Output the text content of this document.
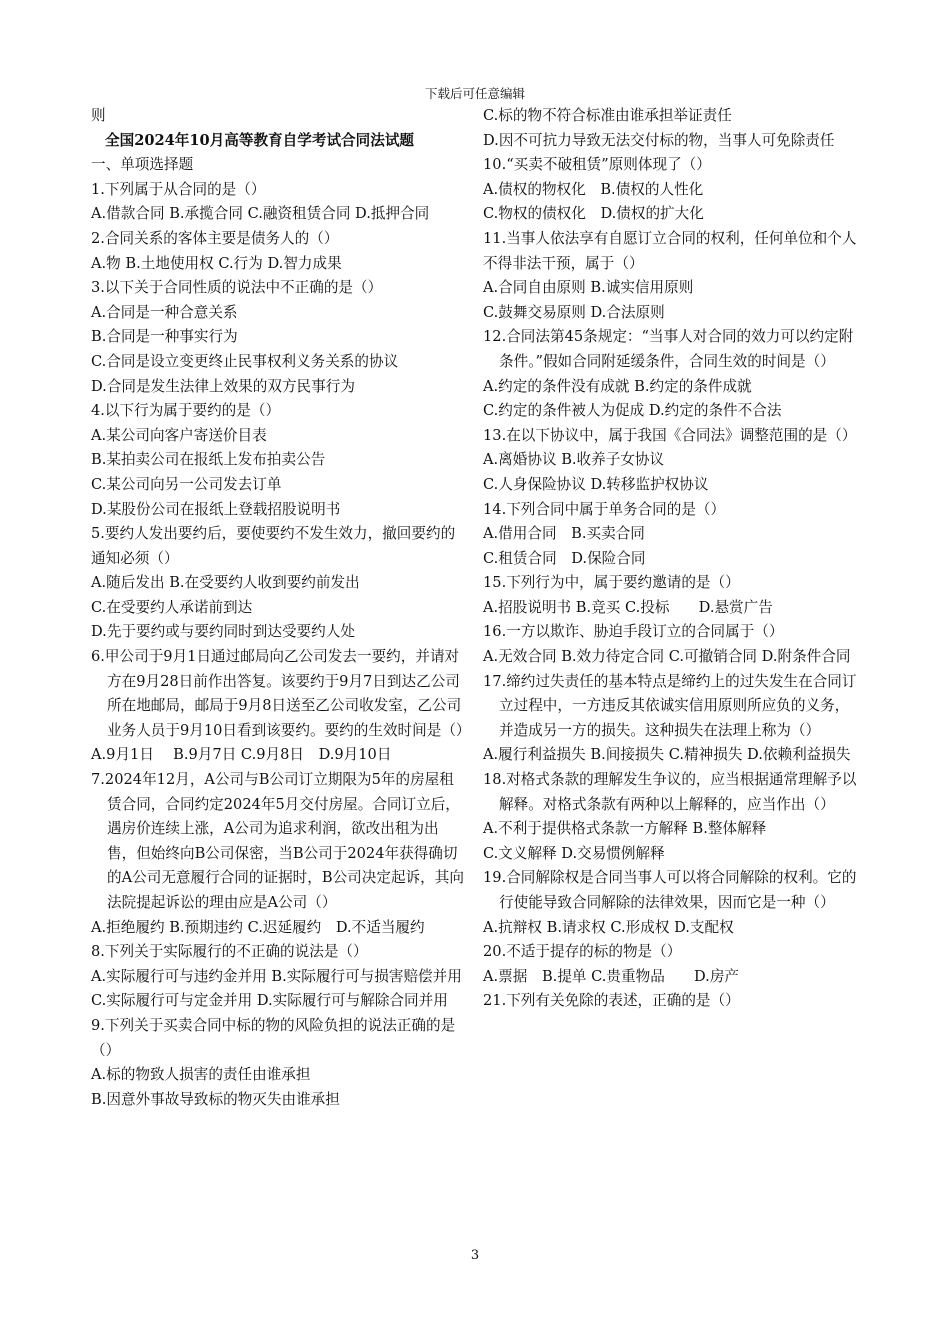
下载后可任意编辑

则

全国2024年10月高等教育自学考试合同法试题

一、单项选择题

1.下列属于从合同的是（）

A.借款合同 B.承揽合同 C.融资租赁合同 D.抵押合同

2.合同关系的客体主要是债务人的（）

A.物 B.土地使用权 C.行为 D.智力成果

3.以下关于合同性质的说法中不正确的是（）

A.合同是一种合意关系

B.合同是一种事实行为

C.合同是设立变更终止民事权利义务关系的协议

D.合同是发生法律上效果的双方民事行为

4.以下行为属于要约的是（）

A.某公司向客户寄送价目表

B.某拍卖公司在报纸上发布拍卖公告

C.某公司向另一公司发去订单

D.某股份公司在报纸上登载招股说明书

5.要约人发出要约后，要使要约不发生效力，撤回要约的通知必须（）

A.随后发出 B.在受要约人收到要约前发出

C.在受要约人承诺前到达

D.先于要约或与要约同时到达受要约人处

6.甲公司于9月1日通过邮局向乙公司发去一要约，并请对方在9月28日前作出答复。该要约于9月7日到达乙公司所在地邮局，邮局于9月8日送至乙公司收发室，乙公司业务人员于9月10日看到该要约。要约的生效时间是（）

A.9月1日　 B.9月7日 C.9月8日　D.9月10日

7.2024年12月，A公司与B公司订立期限为5年的房屋租赁合同，合同约定2024年5月交付房屋。合同订立后，遇房价连续上涨，A公司为追求利润，欲改出租为出售，但始终向B公司保密，当B公司于2024年获得确切的A公司无意履行合同的证据时，B公司决定起诉，其向法院提起诉讼的理由应是A公司（）

A.拒绝履约 B.预期违约 C.迟延履约　D.不适当履约

8.下列关于实际履行的不正确的说法是（）

A.实际履行可与违约金并用 B.实际履行可与损害赔偿并用 C.实际履行可与定金并用 D.实际履行可与解除合同并用

9.下列关于买卖合同中标的物的风险负担的说法正确的是（）

A.标的物致人损害的责任由谁承担

B.因意外事故导致标的物灭失由谁承担

C.标的物不符合标准由谁承担举证责任

D.因不可抗力导致无法交付标的物，当事人可免除责任

10.“买卖不破租赁”原则体现了（）

A.债权的物权化　B.债权的人性化

C.物权的债权化　D.债权的扩大化

11.当事人依法享有自愿订立合同的权利，任何单位和个人不得非法干预，属于（）

A.合同自由原则 B.诚实信用原则

C.鼓舞交易原则 D.合法原则

12.合同法第45条规定：“当事人对合同的效力可以约定附条件。”假如合同附延缓条件，合同生效的时间是（）

A.约定的条件没有成就 B.约定的条件成就

C.约定的条件被人为促成 D.约定的条件不合法

13.在以下协议中，属于我国《合同法》调整范围的是（）

A.离婚协议 B.收养子女协议

C.人身保险协议 D.转移监护权协议

14.下列合同中属于单务合同的是（）

A.借用合同　B.买卖合同

C.租赁合同　D.保险合同

15.下列行为中，属于要约邀请的是（）

A.招股说明书 B.竞买 C.投标　　D.悬赏广告

16.一方以欺诈、胁迫手段订立的合同属于（）

A.无效合同 B.效力待定合同 C.可撤销合同 D.附条件合同

17.缔约过失责任的基本特点是缔约上的过失发生在合同订立过程中，一方违反其依诚实信用原则所应负的义务，并造成另一方的损失。这种损失在法理上称为（）

A.履行利益损失 B.间接损失 C.精神损失 D.依赖利益损失

18.对格式条款的理解发生争议的，应当根据通常理解予以解释。对格式条款有两种以上解释的，应当作出（）

A.不利于提供格式条款一方解释 B.整体解释

C.文义解释 D.交易惯例解释

19.合同解除权是合同当事人可以将合同解除的权利。它的行使能导致合同解除的法律效果，因而它是一种（）

A.抗辩权 B.请求权 C.形成权 D.支配权

20.不适于提存的标的物是（）

A.票据　B.提单 C.贵重物品　　D.房产

21.下列有关免除的表述，正确的是（）

3
